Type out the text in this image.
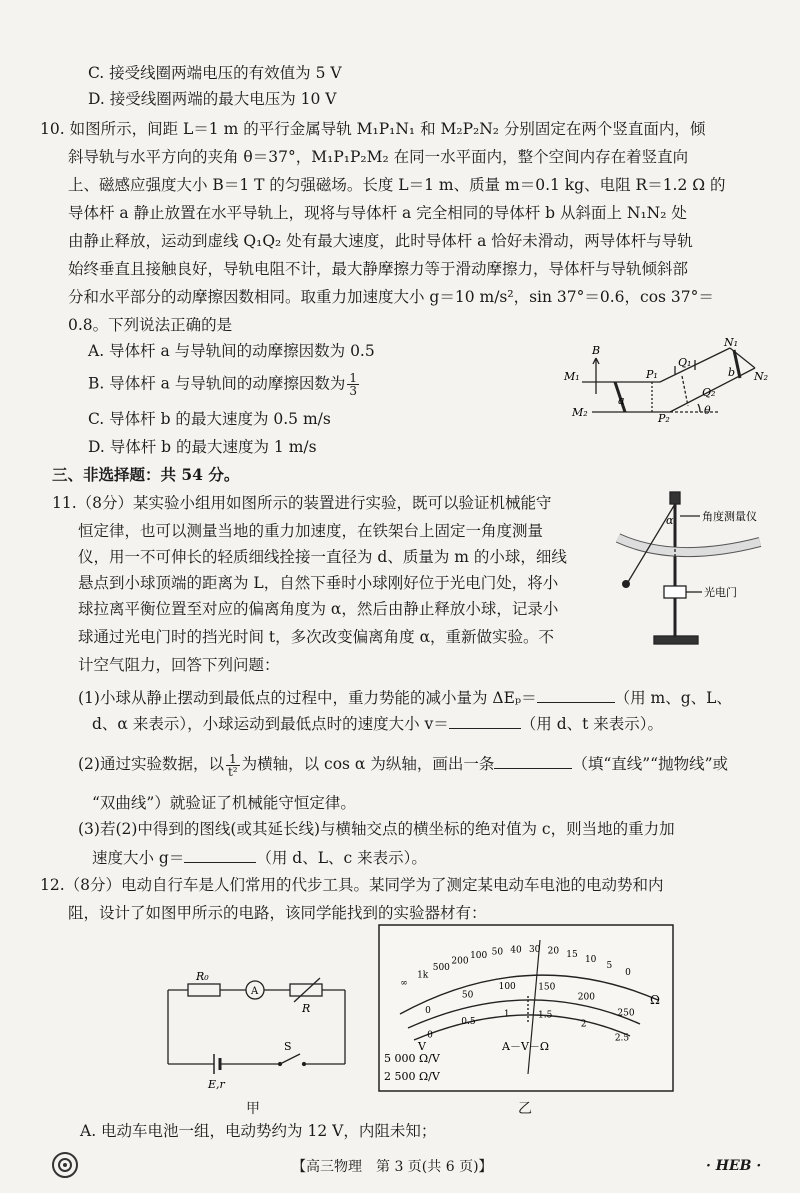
C. 接受线圈两端电压的有效值为 5 V
D. 接受线圈两端的最大电压为 10 V
10. 如图所示，间距 L＝1 m 的平行金属导轨 M₁P₁N₁ 和 M₂P₂N₂ 分别固定在两个竖直面内，倾
斜导轨与水平方向的夹角 θ＝37°，M₁P₁P₂M₂ 在同一水平面内，整个空间内存在着竖直向
上、磁感应强度大小 B＝1 T 的匀强磁场。长度 L＝1 m、质量 m＝0.1 kg、电阻 R＝1.2 Ω 的
导体杆 a 静止放置在水平导轨上，现将与导体杆 a 完全相同的导体杆 b 从斜面上 N₁N₂ 处
由静止释放，运动到虚线 Q₁Q₂ 处有最大速度，此时导体杆 a 恰好未滑动，两导体杆与导轨
始终垂直且接触良好，导轨电阻不计，最大静摩擦力等于滑动摩擦力，导体杆与导轨倾斜部
分和水平部分的动摩擦因数相同。取重力加速度大小 g＝10 m/s²，sin 37°＝0.6，cos 37°＝
0.8。下列说法正确的是
A. 导体杆 a 与导轨间的动摩擦因数为 0.5
B. 导体杆 a 与导轨间的动摩擦因数为 $\frac{1}{3}$
C. 导体杆 b 的最大速度为 0.5 m/s
D. 导体杆 b 的最大速度为 1 m/s
M₁
M₂
B
a
P₁
P₂
Q₁
Q₂
b
N₁
N₂
θ
三、非选择题：共 54 分。
11.（8分）某实验小组用如图所示的装置进行实验，既可以验证机械能守
恒定律，也可以测量当地的重力加速度，在铁架台上固定一角度测量
仪，用一不可伸长的轻质细线拴接一直径为 d、质量为 m 的小球，细线
悬点到小球顶端的距离为 L，自然下垂时小球刚好位于光电门处，将小
球拉离平衡位置至对应的偏离角度为 α，然后由静止释放小球，记录小
球通过光电门时的挡光时间 t，多次改变偏离角度 α，重新做实验。不
计空气阻力，回答下列问题：
(1)小球从静止摆动到最低点的过程中，重力势能的减小量为 ΔEₚ＝	（用 m、g、L、
d、α 来表示），小球运动到最低点时的速度大小 v＝	（用 d、t 来表示）。
(2)通过实验数据，以 $\frac{1}{\text{t²}}$ 为横轴，以 cos α 为纵轴，画出一条	（填“直线”“抛物线”或
“双曲线”）就验证了机械能守恒定律。
(3)若(2)中得到的图线(或其延长线)与横轴交点的横坐标的绝对值为 c，则当地的重力加
速度大小 g＝	（用 d、L、c 来表示）。
α	角度测量仪
光电门
12.（8分）电动自行车是人们常用的代步工具。某同学为了测定某电动车电池的电动势和内
阻，设计了如图甲所示的电路，该同学能找到的实验器材有：
R₀
A
R
S
E,r
甲
∞
1k
500
200
100 50 40 30 20 15 10
5
0
0
50
100 150
200
250
0
0.5
1	1.5
2
2.5
Ω
V	A－V－Ω
5 000 Ω/V
2 500 Ω/V
乙
A. 电动车电池一组，电动势约为 12 V，内阻未知；
【高三物理　第 3 页(共 6 页)】	· HEB ·
